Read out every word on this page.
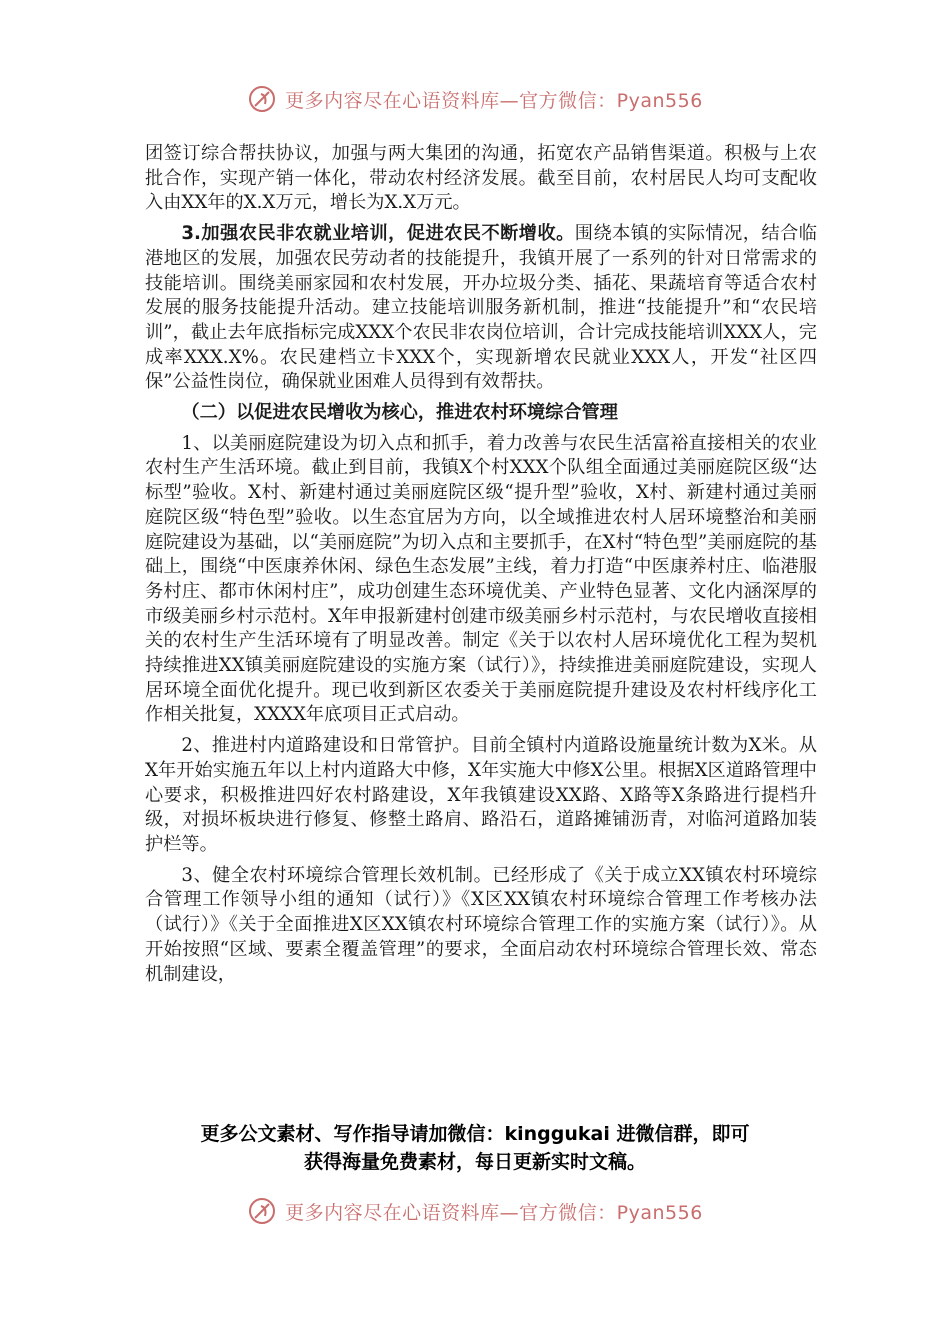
更多内容尽在心语资料库—官方微信：Pyan556

团签订综合帮扶协议，加强与两大集团的沟通，拓宽农产品销售渠道。积极与上农批合作，实现产销一体化，带动农村经济发展。截至目前，农村居民人均可支配收入由XX年的X.X万元，增长为X.X万元。

3.加强农民非农就业培训，促进农民不断增收。围绕本镇的实际情况，结合临港地区的发展，加强农民劳动者的技能提升，我镇开展了一系列的针对日常需求的技能培训。围绕美丽家园和农村发展，开办垃圾分类、插花、果蔬培育等适合农村发展的服务技能提升活动。建立技能培训服务新机制，推进“技能提升”和“农民培训”，截止去年底指标完成XXX个农民非农岗位培训，合计完成技能培训XXX人，完成率XXX.X%。农民建档立卡XXX个，实现新增农民就业XXX人，开发“社区四保”公益性岗位，确保就业困难人员得到有效帮扶。

（二）以促进农民增收为核心，推进农村环境综合管理

1、以美丽庭院建设为切入点和抓手，着力改善与农民生活富裕直接相关的农业农村生产生活环境。截止到目前，我镇X个村XXX个队组全面通过美丽庭院区级“达标型”验收。X村、新建村通过美丽庭院区级“提升型”验收，X村、新建村通过美丽庭院区级“特色型”验收。以生态宜居为方向，以全域推进农村人居环境整治和美丽庭院建设为基础，以“美丽庭院”为切入点和主要抓手，在X村“特色型”美丽庭院的基础上，围绕“中医康养休闲、绿色生态发展”主线，着力打造“中医康养村庄、临港服务村庄、都市休闲村庄”，成功创建生态环境优美、产业特色显著、文化内涵深厚的市级美丽乡村示范村。X年申报新建村创建市级美丽乡村示范村，与农民增收直接相关的农村生产生活环境有了明显改善。制定《关于以农村人居环境优化工程为契机持续推进XX镇美丽庭院建设的实施方案（试行）》，持续推进美丽庭院建设，实现人居环境全面优化提升。现已收到新区农委关于美丽庭院提升建设及农村杆线序化工作相关批复，XXXX年底项目正式启动。

2、推进村内道路建设和日常管护。目前全镇村内道路设施量统计数为X米。从X年开始实施五年以上村内道路大中修，X年实施大中修X公里。根据X区道路管理中心要求，积极推进四好农村路建设，X年我镇建设XX路、X路等X条路进行提档升级，对损坏板块进行修复、修整土路肩、路沿石，道路摊铺沥青，对临河道路加装护栏等。

3、健全农村环境综合管理长效机制。已经形成了《关于成立XX镇农村环境综合管理工作领导小组的通知（试行）》《X区XX镇农村环境综合管理工作考核办法（试行）》《关于全面推进X区XX镇农村环境综合管理工作的实施方案（试行）》。从开始按照“区域、要素全覆盖管理”的要求，全面启动农村环境综合管理长效、常态机制建设，

更多公文素材、写作指导请加微信：kinggukai 进微信群，即可
获得海量免费素材，每日更新实时文稿。
更多内容尽在心语资料库—官方微信：Pyan556
